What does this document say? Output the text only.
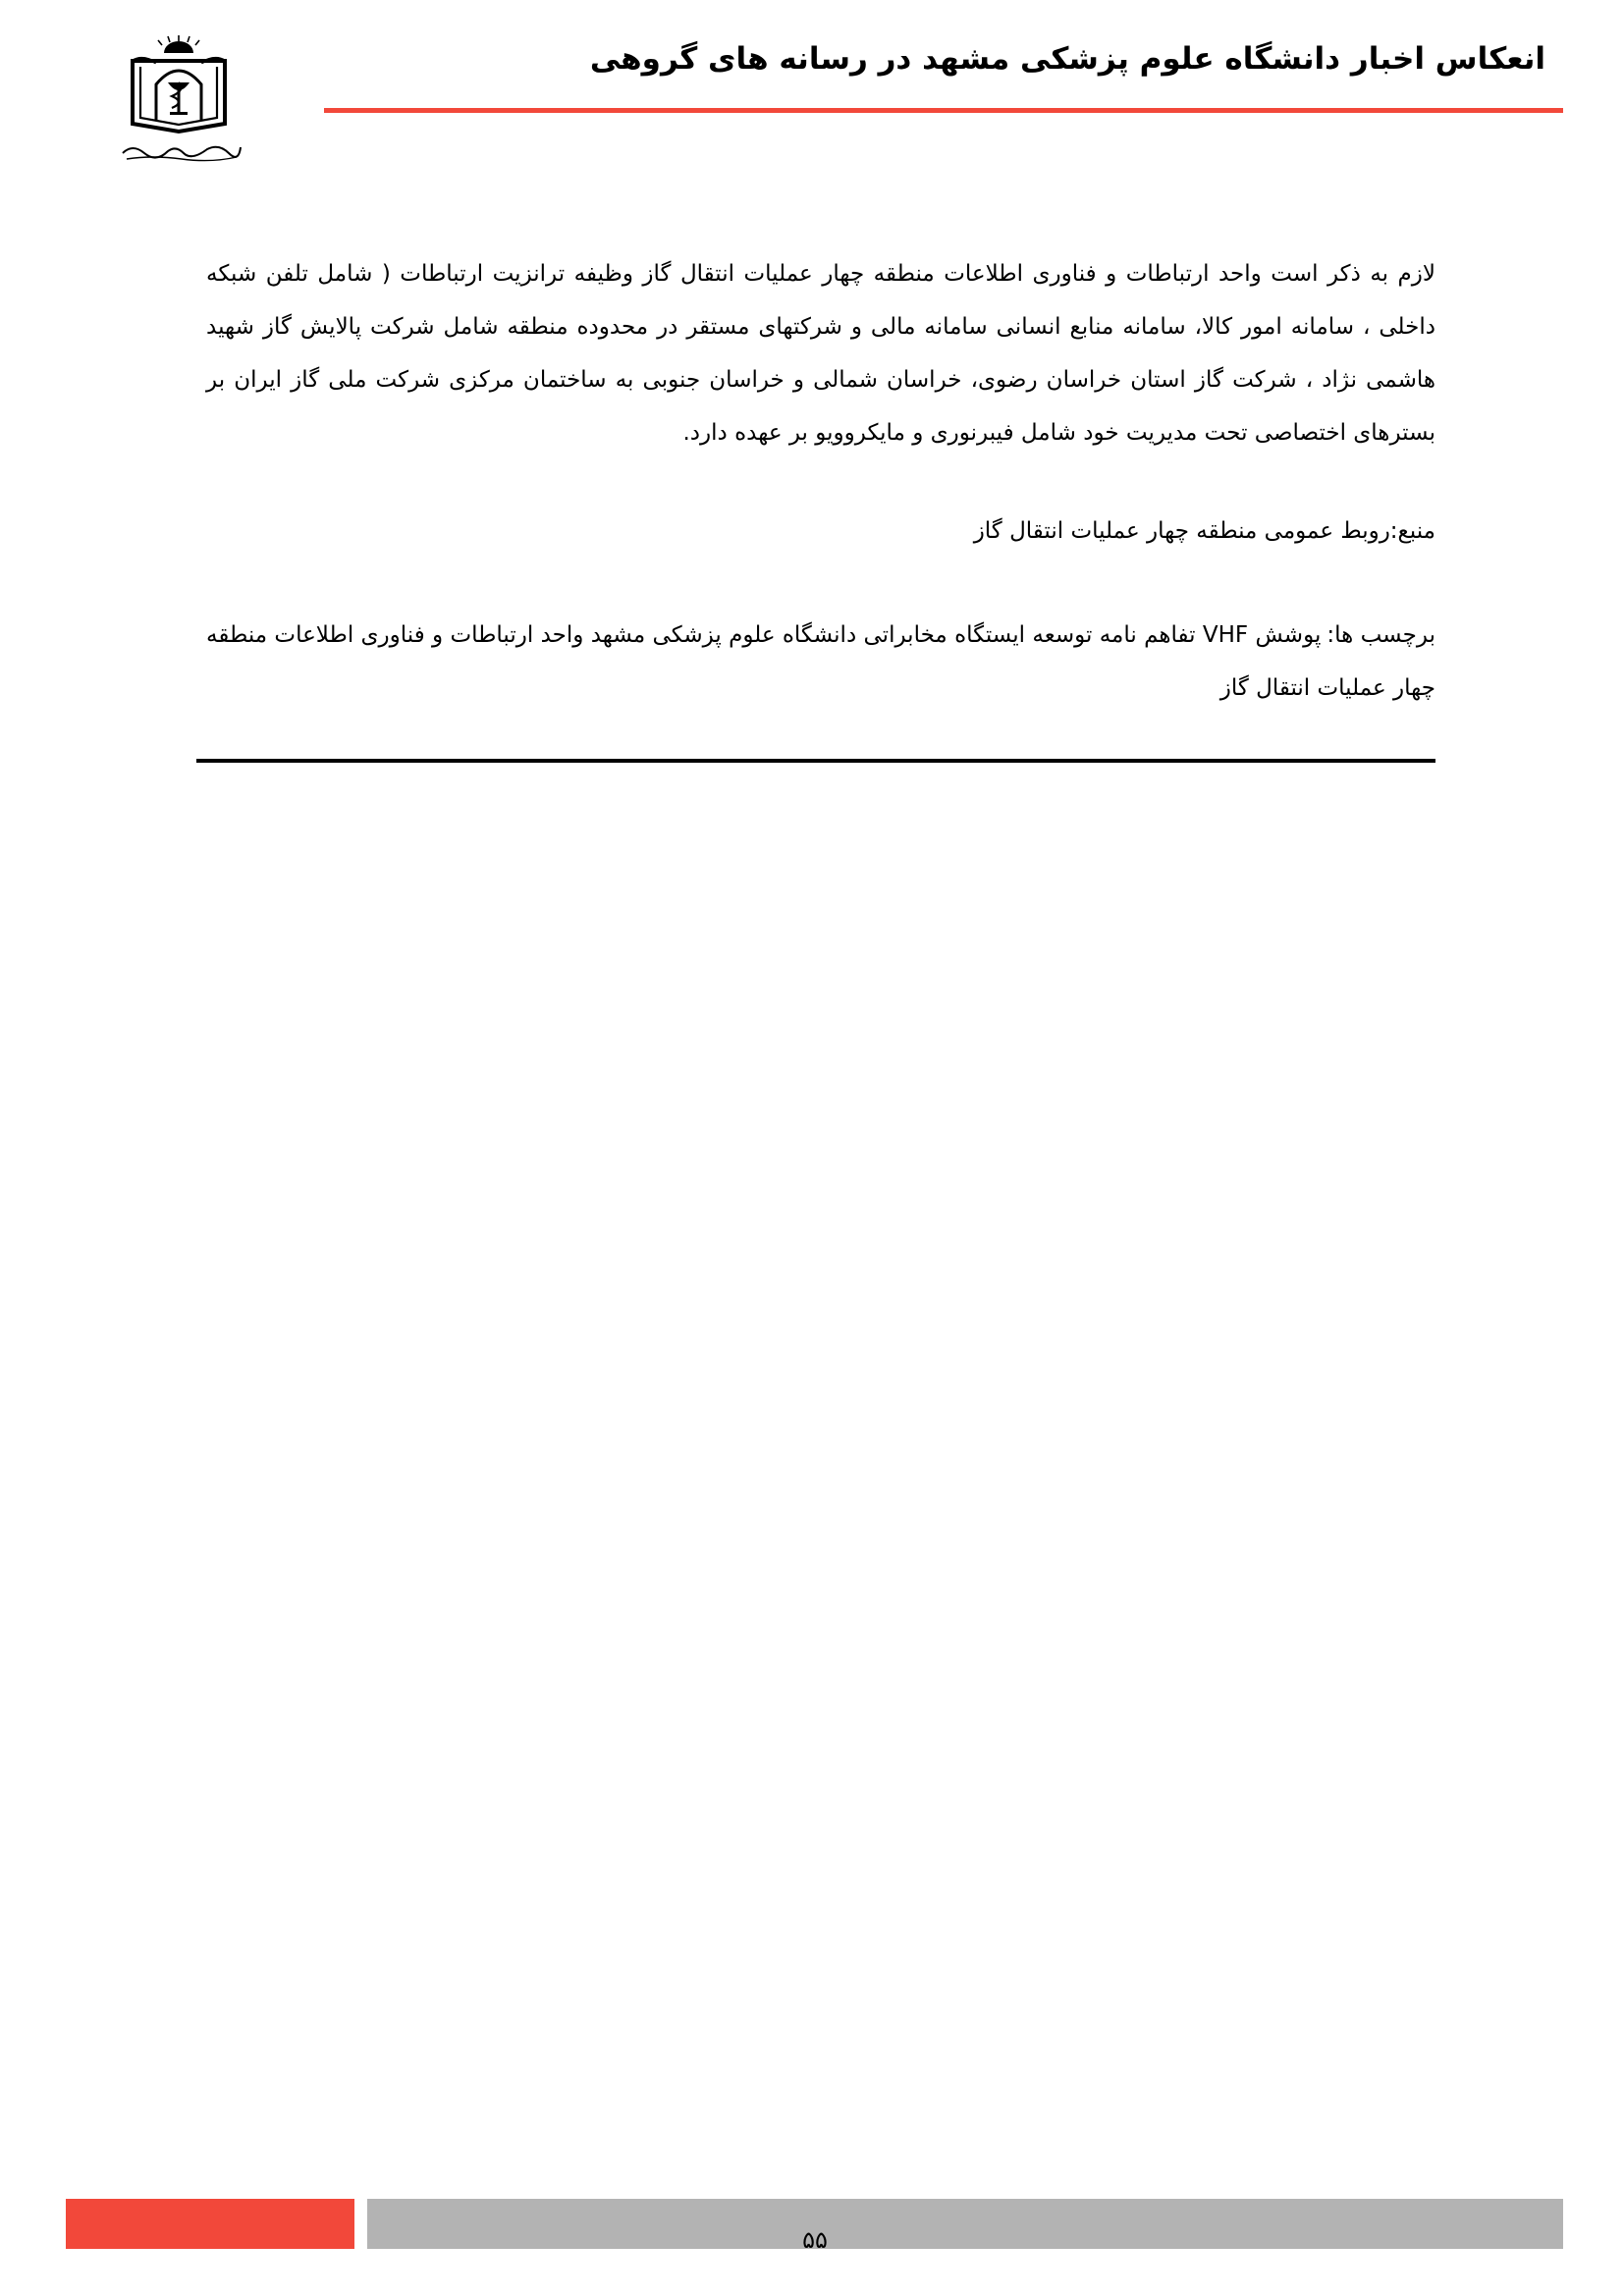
انعکاس اخبار دانشگاه علوم پزشکی مشهد در رسانه های گروهی

لازم به ذکر است واحد ارتباطات و فناوری اطلاعات منطقه چهار عملیات انتقال گاز وظیفه ترانزیت ارتباطات ( شامل تلفن شبکه داخلی ، سامانه امور کالا، سامانه منابع انسانی سامانه مالی و شرکتهای مستقر در محدوده منطقه شامل شرکت پالایش گاز شهید هاشمی نژاد ، شرکت گاز استان خراسان رضوی، خراسان شمالی و خراسان جنوبی به ساختمان مرکزی شرکت ملی گاز ایران بر بسترهای اختصاصی تحت مدیریت خود شامل فیبرنوری و مایکروویو بر عهده دارد.

منبع:روبط عمومی منطقه چهار عملیات انتقال گاز

برچسب ها:پوشش VHF تفاهم نامه توسعه ایستگاه مخابراتی دانشگاه علوم پزشکی مشهد واحد ارتباطات و فناوری اطلاعات منطقه چهار عملیات انتقال گاز

۵۵
